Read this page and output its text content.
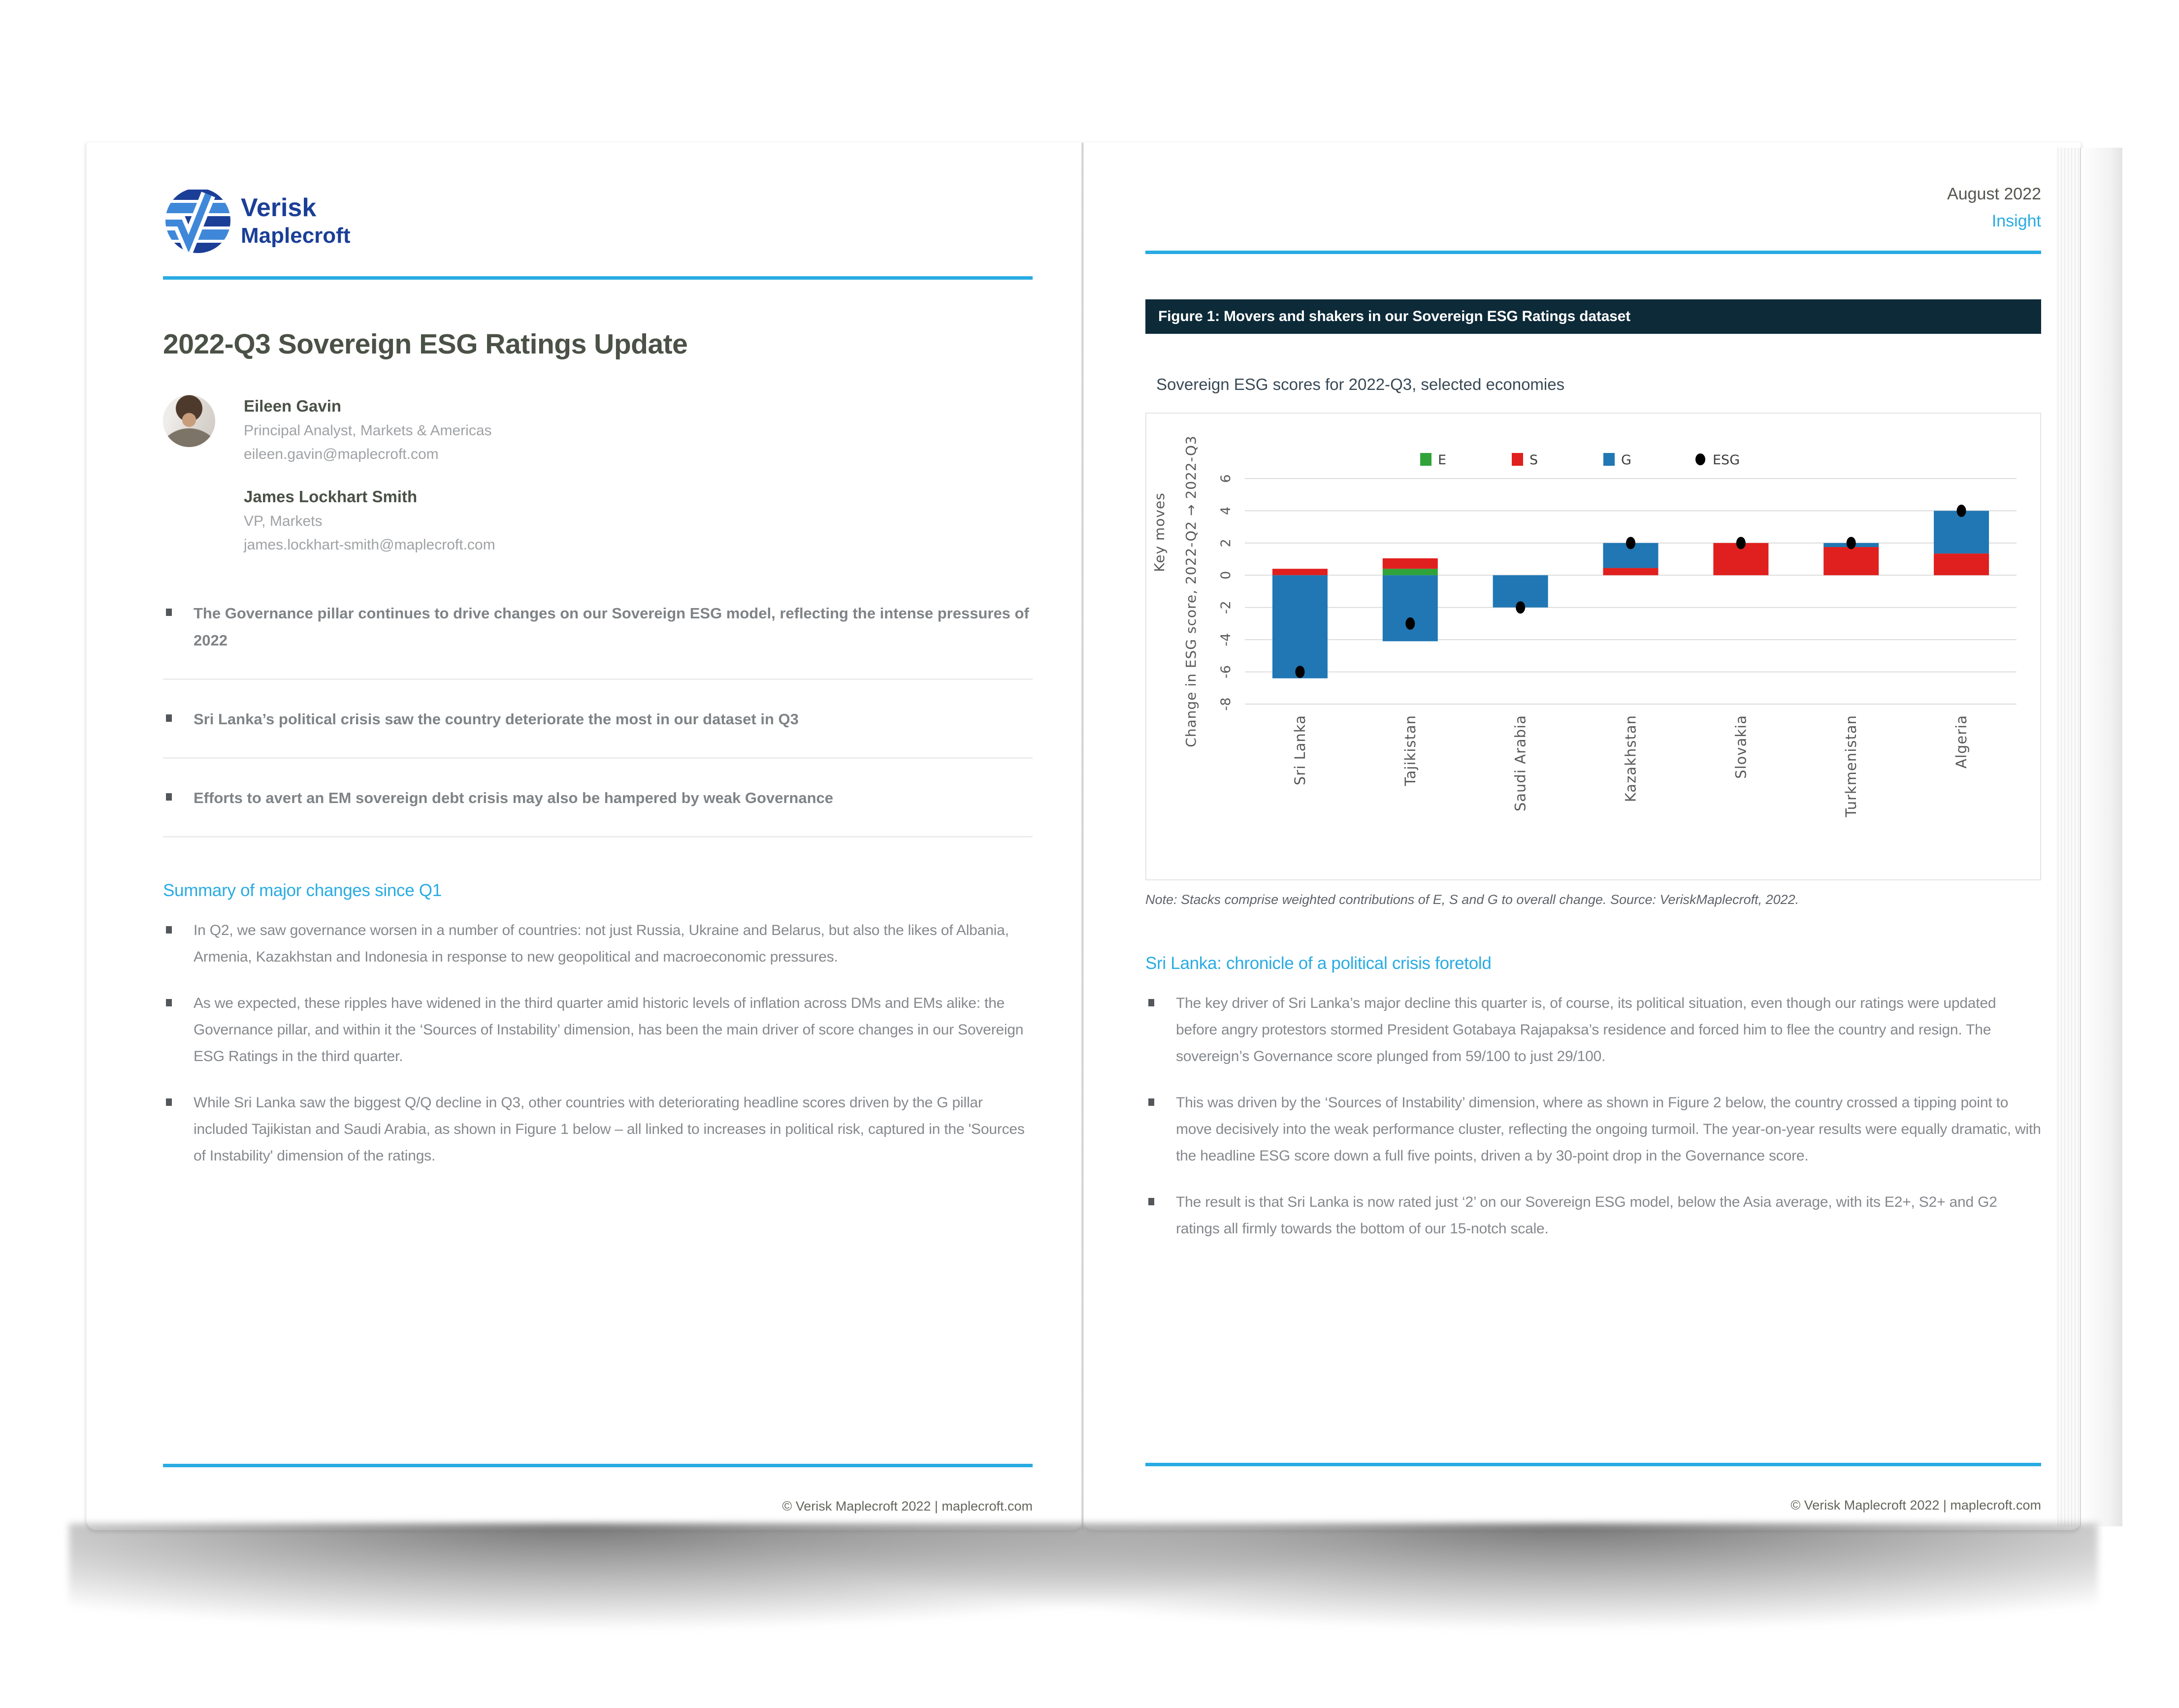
Verisk
Maplecroft
2022-Q3 Sovereign ESG Ratings Update
Eileen Gavin
Principal Analyst, Markets & Americas
eileen.gavin@maplecroft.com
James Lockhart Smith
VP, Markets
james.lockhart-smith@maplecroft.com
The Governance pillar continues to drive changes on our Sovereign ESG model, reflecting the intense pressures of 2022
Sri Lanka’s political crisis saw the country deteriorate the most in our dataset in Q3
Efforts to avert an EM sovereign debt crisis may also be hampered by weak Governance
Summary of major changes since Q1
In Q2, we saw governance worsen in a number of countries: not just Russia, Ukraine and Belarus, but also the likes of Albania, Armenia, Kazakhstan and Indonesia in response to new geopolitical and macroeconomic pressures.
As we expected, these ripples have widened in the third quarter amid historic levels of inflation across DMs and EMs alike: the Governance pillar, and within it the ‘Sources of Instability’ dimension, has been the main driver of score changes in our Sovereign ESG Ratings in the third quarter.
While Sri Lanka saw the biggest Q/Q decline in Q3, other countries with deteriorating headline scores driven by the G pillar included Tajikistan and Saudi Arabia, as shown in Figure 1 below – all linked to increases in political risk, captured in the 'Sources of Instability' dimension of the ratings.
© Verisk Maplecroft 2022 | maplecroft.com
August 2022
Insight
Figure 1: Movers and shakers in our Sovereign ESG Ratings dataset
Sovereign ESG scores for 2022-Q3, selected economies
E	S	G	ESG
6
4
2
0
-2
-4
-6
-8
Change in ESG score, 2022-Q2 → 2022-Q3
Key moves
Sri Lanka	Tajikistan	Saudi Arabia	Kazakhstan	Slovakia	Turkmenistan	Algeria
Note: Stacks comprise weighted contributions of E, S and G to overall change. Source: VeriskMaplecroft, 2022.
Sri Lanka: chronicle of a political crisis foretold
The key driver of Sri Lanka’s major decline this quarter is, of course, its political situation, even though our ratings were updated before angry protestors stormed President Gotabaya Rajapaksa’s residence and forced him to flee the country and resign. The sovereign’s Governance score plunged from 59/100 to just 29/100.
This was driven by the ‘Sources of Instability’ dimension, where as shown in Figure 2 below, the country crossed a tipping point to move decisively into the weak performance cluster, reflecting the ongoing turmoil. The year-on-year results were equally dramatic, with the headline ESG score down a full five points, driven a by 30-point drop in the Governance score.
The result is that Sri Lanka is now rated just ‘2’ on our Sovereign ESG model, below the Asia average, with its E2+, S2+ and G2 ratings all firmly towards the bottom of our 15-notch scale.
© Verisk Maplecroft 2022 | maplecroft.com
